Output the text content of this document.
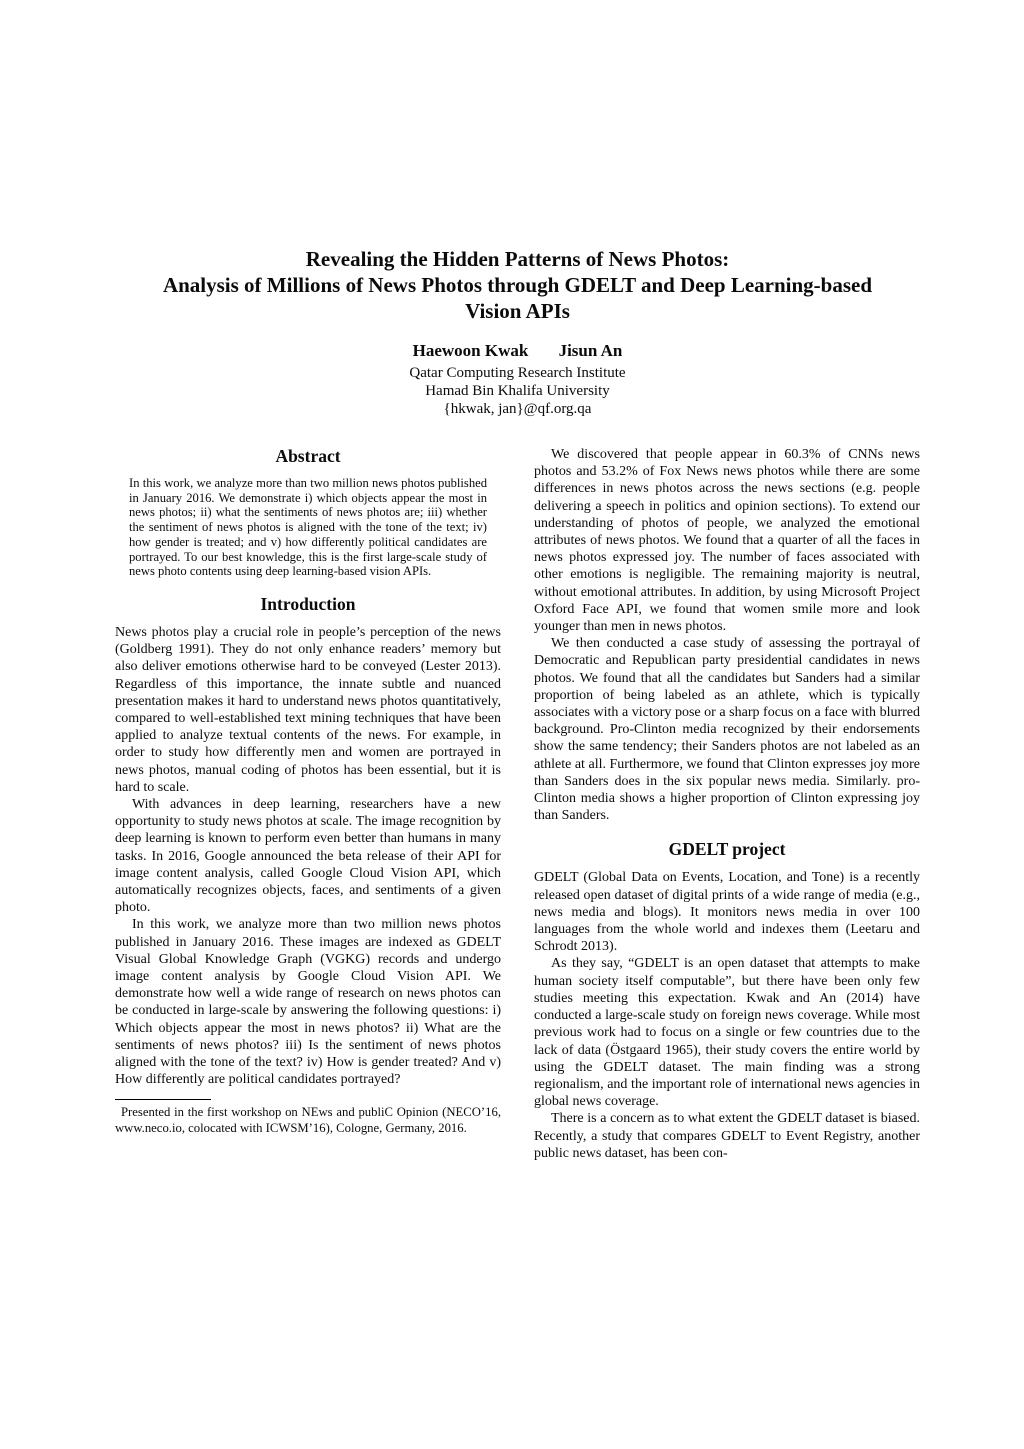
Revealing the Hidden Patterns of News Photos:
Analysis of Millions of News Photos through GDELT and Deep Learning-based
Vision APIs
Haewoon Kwak Jisun An
Qatar Computing Research Institute
Hamad Bin Khalifa University
{hkwak, jan}@qf.org.qa
Abstract

In this work, we analyze more than two million news photos published in January 2016. We demonstrate i) which objects appear the most in news photos; ii) what the sentiments of news photos are; iii) whether the sentiment of news photos is aligned with the tone of the text; iv) how gender is treated; and v) how differently political candidates are portrayed. To our best knowledge, this is the first large-scale study of news photo contents using deep learning-based vision APIs.

Introduction

News photos play a crucial role in people’s perception of the news (Goldberg 1991). They do not only enhance readers’ memory but also deliver emotions otherwise hard to be conveyed (Lester 2013). Regardless of this importance, the innate subtle and nuanced presentation makes it hard to understand news photos quantitatively, compared to well-established text mining techniques that have been applied to analyze textual contents of the news. For example, in order to study how differently men and women are portrayed in news photos, manual coding of photos has been essential, but it is hard to scale.

With advances in deep learning, researchers have a new opportunity to study news photos at scale. The image recognition by deep learning is known to perform even better than humans in many tasks. In 2016, Google announced the beta release of their API for image content analysis, called Google Cloud Vision API, which automatically recognizes objects, faces, and sentiments of a given photo.

In this work, we analyze more than two million news photos published in January 2016. These images are indexed as GDELT Visual Global Knowledge Graph (VGKG) records and undergo image content analysis by Google Cloud Vision API. We demonstrate how well a wide range of research on news photos can be conducted in large-scale by answering the following questions: i) Which objects appear the most in news photos? ii) What are the sentiments of news photos? iii) Is the sentiment of news photos aligned with the tone of the text? iv) How is gender treated? And v) How differently are political candidates portrayed?

Presented in the first workshop on NEws and publiC Opinion (NECO’16, www.neco.io, colocated with ICWSM’16), Cologne, Germany, 2016.

We discovered that people appear in 60.3% of CNNs news photos and 53.2% of Fox News news photos while there are some differences in news photos across the news sections (e.g. people delivering a speech in politics and opinion sections). To extend our understanding of photos of people, we analyzed the emotional attributes of news photos. We found that a quarter of all the faces in news photos expressed joy. The number of faces associated with other emotions is negligible. The remaining majority is neutral, without emotional attributes. In addition, by using Microsoft Project Oxford Face API, we found that women smile more and look younger than men in news photos.

We then conducted a case study of assessing the portrayal of Democratic and Republican party presidential candidates in news photos. We found that all the candidates but Sanders had a similar proportion of being labeled as an athlete, which is typically associates with a victory pose or a sharp focus on a face with blurred background. Pro-Clinton media recognized by their endorsements show the same tendency; their Sanders photos are not labeled as an athlete at all. Furthermore, we found that Clinton expresses joy more than Sanders does in the six popular news media. Similarly. pro-Clinton media shows a higher proportion of Clinton expressing joy than Sanders.

GDELT project

GDELT (Global Data on Events, Location, and Tone) is a recently released open dataset of digital prints of a wide range of media (e.g., news media and blogs). It monitors news media in over 100 languages from the whole world and indexes them (Leetaru and Schrodt 2013).

As they say, “GDELT is an open dataset that attempts to make human society itself computable”, but there have been only few studies meeting this expectation. Kwak and An (2014) have conducted a large-scale study on foreign news coverage. While most previous work had to focus on a single or few countries due to the lack of data (Östgaard 1965), their study covers the entire world by using the GDELT dataset. The main finding was a strong regionalism, and the important role of international news agencies in global news coverage.

There is a concern as to what extent the GDELT dataset is biased. Recently, a study that compares GDELT to Event Registry, another public news dataset, has been con-
